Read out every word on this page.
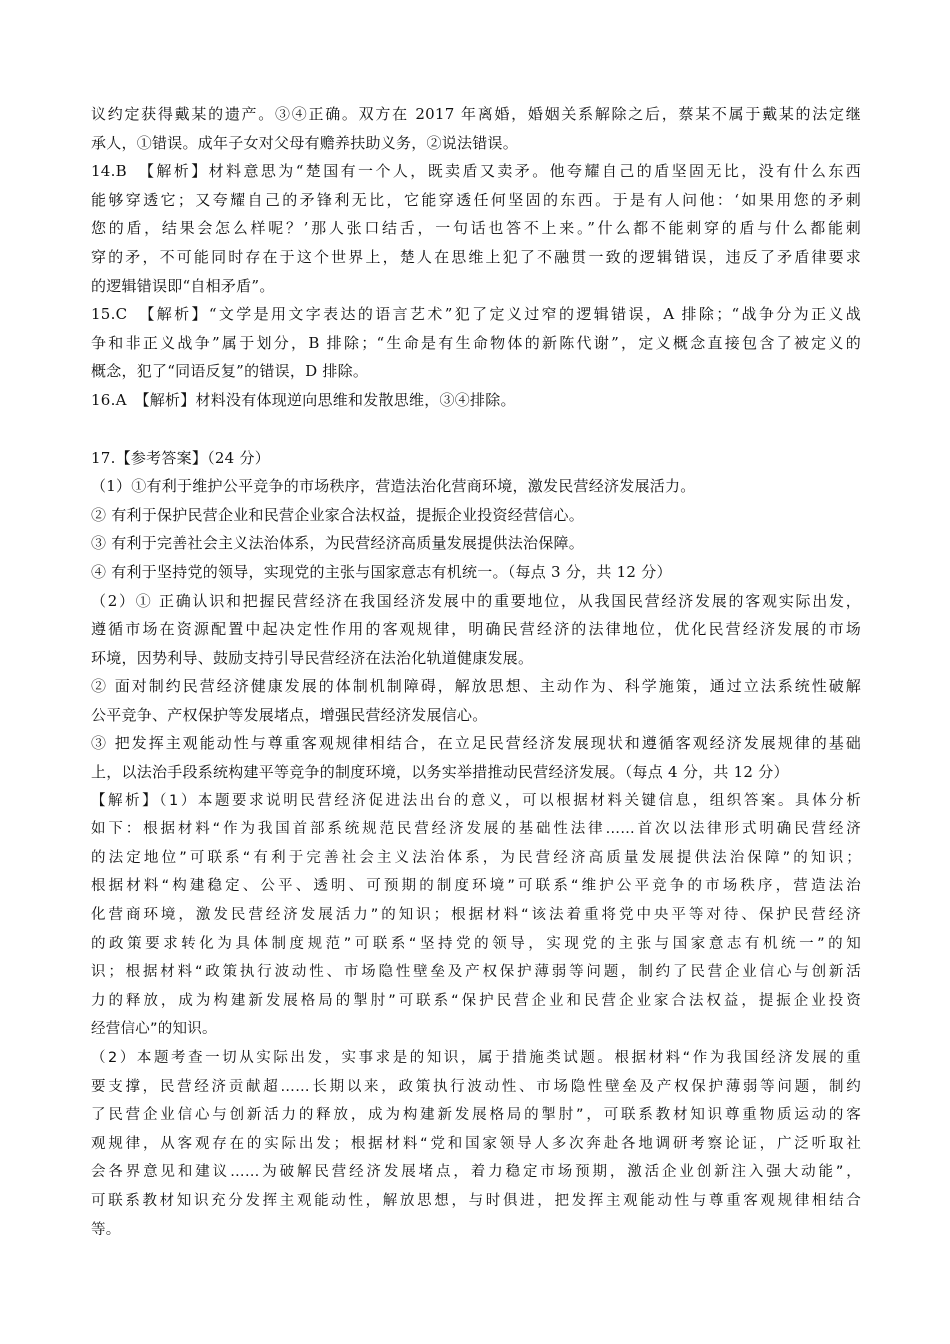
议约定获得戴某的遗产。③④正确。双方在 2017 年离婚，婚姻关系解除之后，蔡某不属于戴某的法定继
承人，①错误。成年子女对父母有赡养扶助义务，②说法错误。
14.B　【解析】材料意思为“楚国有一个人，既卖盾又卖矛。他夸耀自己的盾坚固无比，没有什么东西
能够穿透它；又夸耀自己的矛锋利无比，它能穿透任何坚固的东西。于是有人问他：‘如果用您的矛刺
您的盾，结果会怎么样呢？’那人张口结舌，一句话也答不上来。”什么都不能刺穿的盾与什么都能刺
穿的矛，不可能同时存在于这个世界上，楚人在思维上犯了不融贯一致的逻辑错误，违反了矛盾律要求
的逻辑错误即“自相矛盾”。
15.C　【解析】“文学是用文字表达的语言艺术”犯了定义过窄的逻辑错误，A 排除；“战争分为正义战
争和非正义战争”属于划分，B 排除；“生命是有生命物体的新陈代谢”，定义概念直接包含了被定义的
概念，犯了“同语反复”的错误，D 排除。
16.A　【解析】材料没有体现逆向思维和发散思维，③④排除。
17.【参考答案】（24 分）
（1）①有利于维护公平竞争的市场秩序，营造法治化营商环境，激发民营经济发展活力。
② 有利于保护民营企业和民营企业家合法权益，提振企业投资经营信心。
③ 有利于完善社会主义法治体系，为民营经济高质量发展提供法治保障。
④ 有利于坚持党的领导，实现党的主张与国家意志有机统一。（每点 3 分，共 12 分）
（2）① 正确认识和把握民营经济在我国经济发展中的重要地位，从我国民营经济发展的客观实际出发，
遵循市场在资源配置中起决定性作用的客观规律，明确民营经济的法律地位，优化民营经济发展的市场
环境，因势利导、鼓励支持引导民营经济在法治化轨道健康发展。
② 面对制约民营经济健康发展的体制机制障碍，解放思想、主动作为、科学施策，通过立法系统性破解
公平竞争、产权保护等发展堵点，增强民营经济发展信心。
③ 把发挥主观能动性与尊重客观规律相结合，在立足民营经济发展现状和遵循客观经济发展规律的基础
上，以法治手段系统构建平等竞争的制度环境，以务实举措推动民营经济发展。（每点 4 分，共 12 分）
【解析】（1）本题要求说明民营经济促进法出台的意义，可以根据材料关键信息，组织答案。具体分析
如下：根据材料“作为我国首部系统规范民营经济发展的基础性法律……首次以法律形式明确民营经济
的法定地位”可联系“有利于完善社会主义法治体系，为民营经济高质量发展提供法治保障”的知识；
根据材料“构建稳定、公平、透明、可预期的制度环境”可联系“维护公平竞争的市场秩序，营造法治
化营商环境，激发民营经济发展活力”的知识；根据材料“该法着重将党中央平等对待、保护民营经济
的政策要求转化为具体制度规范”可联系“坚持党的领导，实现党的主张与国家意志有机统一”的知
识；根据材料“政策执行波动性、市场隐性壁垒及产权保护薄弱等问题，制约了民营企业信心与创新活
力的释放，成为构建新发展格局的掣肘”可联系“保护民营企业和民营企业家合法权益，提振企业投资
经营信心”的知识。
（2）本题考查一切从实际出发，实事求是的知识，属于措施类试题。根据材料“作为我国经济发展的重
要支撑，民营经济贡献超……长期以来，政策执行波动性、市场隐性壁垒及产权保护薄弱等问题，制约
了民营企业信心与创新活力的释放，成为构建新发展格局的掣肘”，可联系教材知识尊重物质运动的客
观规律，从客观存在的实际出发；根据材料“党和国家领导人多次奔赴各地调研考察论证，广泛听取社
会各界意见和建议……为破解民营经济发展堵点，着力稳定市场预期，激活企业创新注入强大动能”，
可联系教材知识充分发挥主观能动性，解放思想，与时俱进，把发挥主观能动性与尊重客观规律相结合
等。
